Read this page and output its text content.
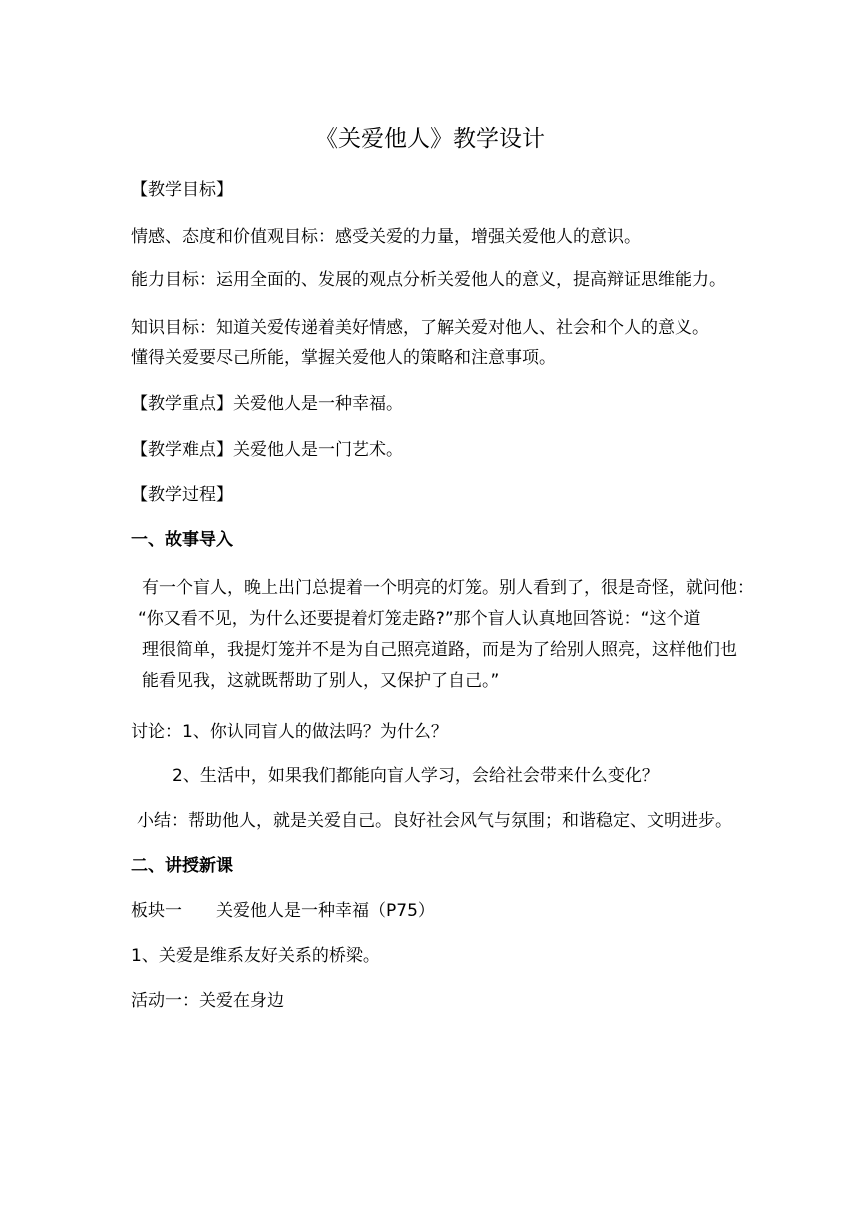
《关爱他人》教学设计
【教学目标】
情感、态度和价值观目标：感受关爱的力量，增强关爱他人的意识。
能力目标：运用全面的、发展的观点分析关爱他人的意义，提高辩证思维能力。
知识目标：知道关爱传递着美好情感，了解关爱对他人、社会和个人的意义。
懂得关爱要尽己所能，掌握关爱他人的策略和注意事项。
【教学重点】关爱他人是一种幸福。
【教学难点】关爱他人是一门艺术。
【教学过程】
一、故事导入
有一个盲人，晚上出门总提着一个明亮的灯笼。别人看到了，很是奇怪，就问他：
“你又看不见，为什么还要提着灯笼走路?”那个盲人认真地回答说：“这个道
理很简单，我提灯笼并不是为自己照亮道路，而是为了给别人照亮，这样他们也
能看见我，这就既帮助了别人，又保护了自己。”
讨论：1、你认同盲人的做法吗？为什么？
2、生活中，如果我们都能向盲人学习，会给社会带来什么变化？
小结：帮助他人，就是关爱自己。良好社会风气与氛围；和谐稳定、文明进步。
二、讲授新课
板块一　　关爱他人是一种幸福（P75）
1、关爱是维系友好关系的桥梁。
活动一：关爱在身边
